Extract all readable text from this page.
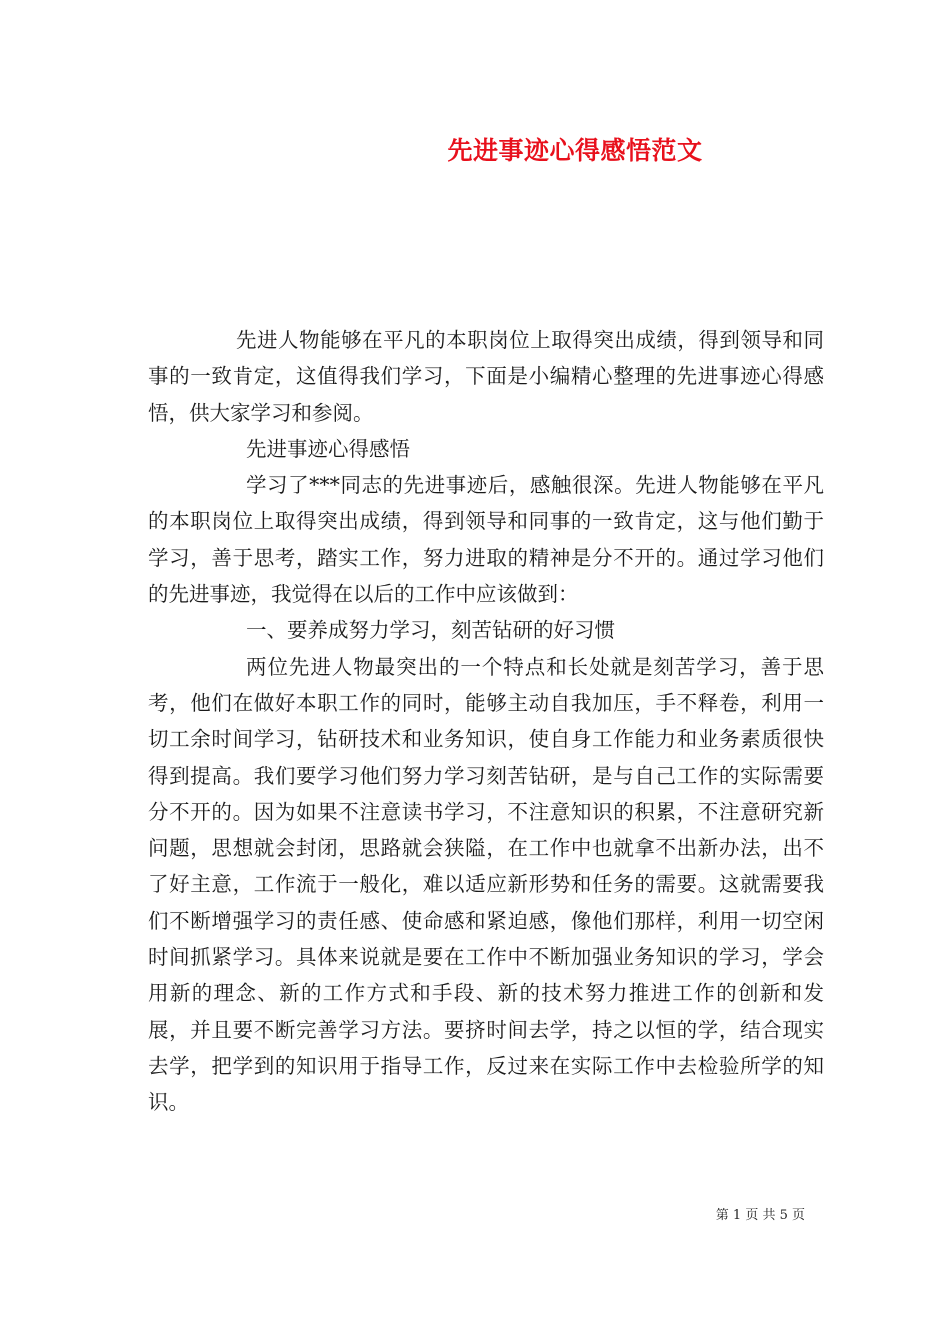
先进事迹心得感悟范文

先进人物能够在平凡的本职岗位上取得突出成绩，得到领导和同事的一致肯定，这值得我们学习，下面是小编精心整理的先进事迹心得感悟，供大家学习和参阅。

先进事迹心得感悟

学习了***同志的先进事迹后，感触很深。先进人物能够在平凡的本职岗位上取得突出成绩，得到领导和同事的一致肯定，这与他们勤于学习，善于思考，踏实工作，努力进取的精神是分不开的。通过学习他们的先进事迹，我觉得在以后的工作中应该做到：

一、要养成努力学习，刻苦钻研的好习惯

两位先进人物最突出的一个特点和长处就是刻苦学习，善于思考，他们在做好本职工作的同时，能够主动自我加压，手不释卷，利用一切工余时间学习，钻研技术和业务知识，使自身工作能力和业务素质很快得到提高。我们要学习他们努力学习刻苦钻研，是与自己工作的实际需要分不开的。因为如果不注意读书学习，不注意知识的积累，不注意研究新问题，思想就会封闭，思路就会狭隘，在工作中也就拿不出新办法，出不了好主意，工作流于一般化，难以适应新形势和任务的需要。这就需要我们不断增强学习的责任感、使命感和紧迫感，像他们那样，利用一切空闲时间抓紧学习。具体来说就是要在工作中不断加强业务知识的学习，学会用新的理念、新的工作方式和手段、新的技术努力推进工作的创新和发展，并且要不断完善学习方法。要挤时间去学，持之以恒的学，结合现实去学，把学到的知识用于指导工作，反过来在实际工作中去检验所学的知识。

第 1 页 共 5 页
